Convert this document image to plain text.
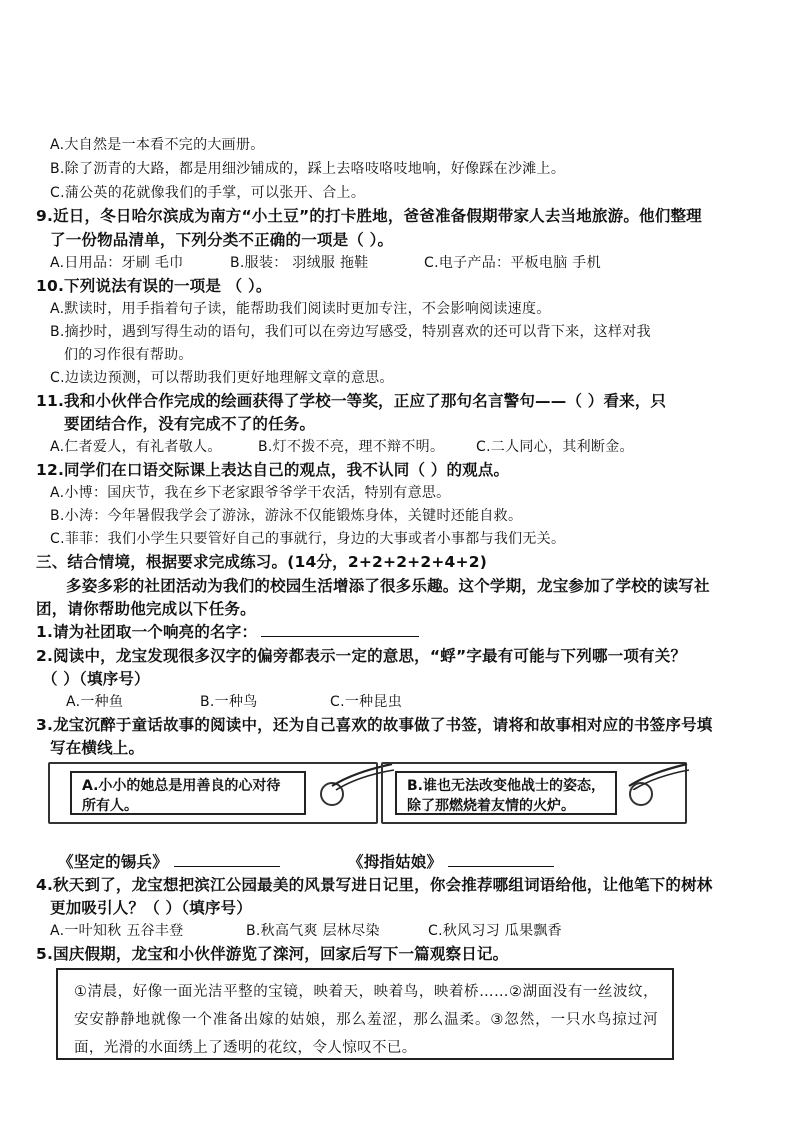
A.大自然是一本看不完的大画册。
B.除了沥青的大路，都是用细沙铺成的，踩上去咯吱咯吱地响，好像踩在沙滩上。
C.蒲公英的花就像我们的手掌，可以张开、合上。
9.近日，冬日哈尔滨成为南方“小土豆”的打卡胜地，爸爸准备假期带家人去当地旅游。他们整理
了一份物品清单，下列分类不正确的一项是（ ）。
A.日用品：牙刷 毛巾	B.服装： 羽绒服 拖鞋	C.电子产品：平板电脑 手机
10.下列说法有误的一项是 （ ）。
A.默读时，用手指着句子读，能帮助我们阅读时更加专注，不会影响阅读速度。
B.摘抄时，遇到写得生动的语句，我们可以在旁边写感受，特别喜欢的还可以背下来，这样对我
们的习作很有帮助。
C.边读边预测，可以帮助我们更好地理解文章的意思。
11.我和小伙伴合作完成的绘画获得了学校一等奖，正应了那句名言警句——（ ）看来，只
要团结合作，没有完成不了的任务。
A.仁者爱人，有礼者敬人。	B.灯不拨不亮，理不辩不明。 C.二人同心，其利断金。
12.同学们在口语交际课上表达自己的观点，我不认同（ ）的观点。
A.小博：国庆节，我在乡下老家跟爷爷学干农活，特别有意思。
B.小涛：今年暑假我学会了游泳，游泳不仅能锻炼身体，关键时还能自救。
C.菲菲：我们小学生只要管好自己的事就行，身边的大事或者小事都与我们无关。
三、结合情境，根据要求完成练习。(14分，2+2+2+2+4+2)
多姿多彩的社团活动为我们的校园生活增添了很多乐趣。这个学期，龙宝参加了学校的读写社
团，请你帮助他完成以下任务。
1.请为社团取一个响亮的名字：
2.阅读中，龙宝发现很多汉字的偏旁都表示一定的意思，“蜉”字最有可能与下列哪一项有关？
（ ）（填序号）
A.一种鱼	B.一种鸟	C.一种昆虫
3.龙宝沉醉于童话故事的阅读中，还为自己喜欢的故事做了书签，请将和故事相对应的书签序号填
写在横线上。
A.小小的她总是用善良的心对待所有人。
B.谁也无法改变他战士的姿态，除了那燃烧着友情的火炉。
《坚定的锡兵》	《拇指姑娘》
4.秋天到了，龙宝想把滨江公园最美的风景写进日记里，你会推荐哪组词语给他，让他笔下的树林
更加吸引人？（ ）（填序号）
A.一叶知秋 五谷丰登	B.秋高气爽 层林尽染	C.秋风习习 瓜果飘香
5.国庆假期，龙宝和小伙伴游览了滦河，回家后写下一篇观察日记。
①清晨，好像一面光洁平整的宝镜，映着天，映着鸟，映着桥……②湖面没有一丝波纹，安安静静地就像一个准备出嫁的姑娘，那么羞涩，那么温柔。③忽然，一只水鸟掠过河面，光滑的水面绣上了透明的花纹，令人惊叹不已。
